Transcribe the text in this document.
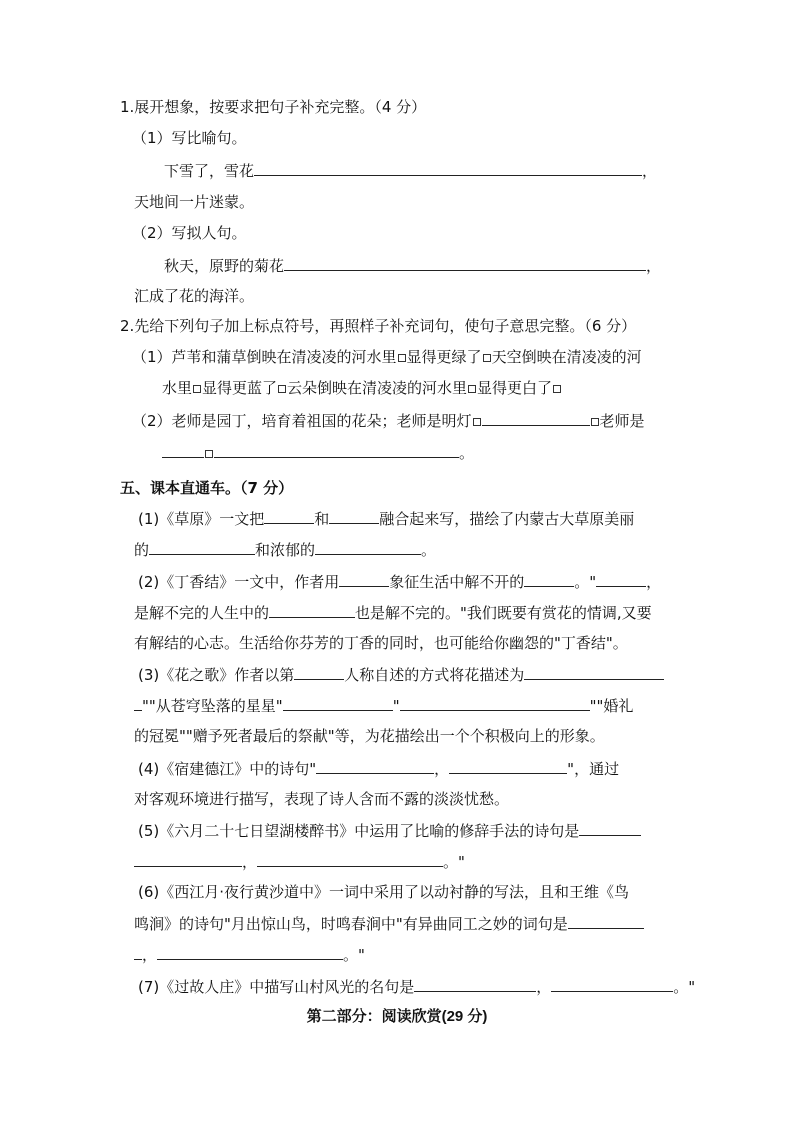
1.展开想象，按要求把句子补充完整。（4 分）
（1）写比喻句。
下雪了，雪花	，
天地间一片迷蒙。
（2）写拟人句。
秋天，原野的菊花	，
汇成了花的海洋。
2.先给下列句子加上标点符号，再照样子补充词句，使句子意思完整。（6 分）
（1）芦苇和蒲草倒映在清凌凌的河水里 显得更绿了 天空倒映在清凌凌的河
水里 显得更蓝了 云朵倒映在清凌凌的河水里 显得更白了
（2）老师是园丁，培育着祖国的花朵；老师是明灯	老师是
。
五、课本直通车。（7 分）
(1)《草原》一文把	和	融合起来写，描绘了内蒙古大草原美丽
的	和浓郁的	。
(2)《丁香结》一文中，作者用	象征生活中解不开的	。"	，
是解不完的人生中的	也是解不完的。"我们既要有赏花的情调,又要
有解结的心志。生活给你芬芳的丁香的同时，也可能给你幽怨的"丁香结"。
(3)《花之歌》作者以第	人称自述的方式将花描述为
""从苍穹坠落的星星"	"	""婚礼
的冠冕""赠予死者最后的祭献"等，为花描绘出一个个积极向上的形象。
(4)《宿建德江》中的诗句"	，	"，通过
对客观环境进行描写，表现了诗人含而不露的淡淡忧愁。
(5)《六月二十七日望湖楼醉书》中运用了比喻的修辞手法的诗句是
，	。"
(6)《西江月·夜行黄沙道中》一词中采用了以动衬静的写法，且和王维《鸟
鸣涧》的诗句"月出惊山鸟，时鸣春涧中"有异曲同工之妙的词句是
，	。"
(7)《过故人庄》中描写山村风光的名句是	，	。"
第二部分：阅读欣赏(29 分)
